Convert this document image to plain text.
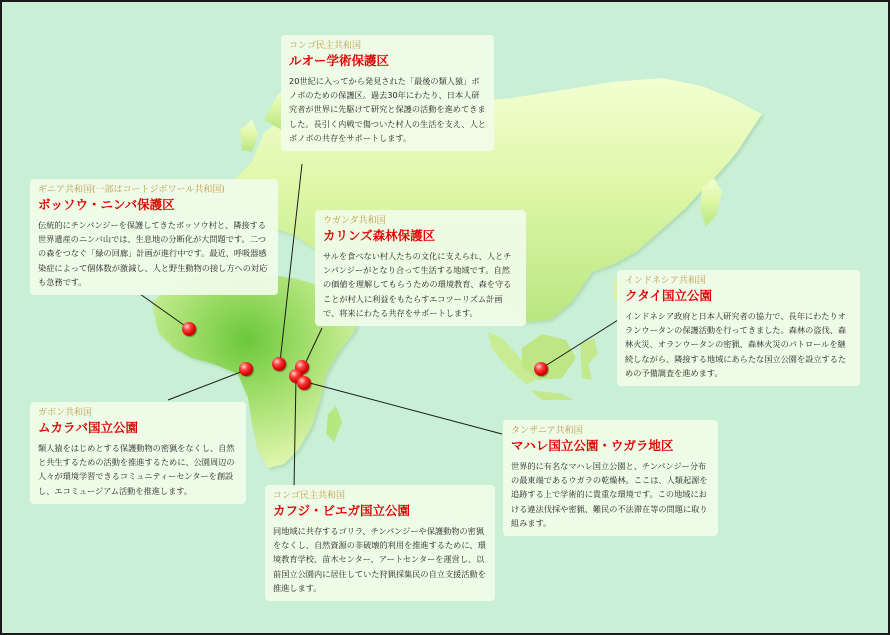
コンゴ民主共和国
ルオー学術保護区

20世紀に入ってから発見された「最後の類人猿」ボノボのための保護区。過去30年にわたり、日本人研究者が世界に先駆けて研究と保護の活動を進めてきました。長引く内戦で傷ついた村人の生活を支え、人とボノボの共存をサポートします。

ギニア共和国(一部はコートジボワール共和国)
ボッソウ・ニンバ保護区

伝統的にチンパンジーを保護してきたボッソウ村と、隣接する世界遺産のニンバ山では、生息地の分断化が大問題です。二つの森をつなぐ「緑の回廊」計画が進行中です。最近、呼吸器感染症によって個体数が激減し、人と野生動物の接し方への対応も急務です。

ウガンダ共和国
カリンズ森林保護区

サルを食べない村人たちの文化に支えられ、人とチンパンジーがとなり合って生活する地域です。自然の価値を理解してもらうための環境教育、森を守ることが村人に利益をもたらすエコツーリズム計画で、将来にわたる共存をサポートします。

インドネシア共和国
クタイ国立公園

インドネシア政府と日本人研究者の協力で、長年にわたりオランウータンの保護活動を行ってきました。森林の盗伐、森林火災、オランウータンの密猟、森林火災のパトロールを継続しながら、隣接する地域にあらたな国立公園を設立するための予備調査を進めます。

ガボン共和国
ムカラバ国立公園

類人猿をはじめとする保護動物の密猟をなくし、自然と共生するための活動を推進するために、公園周辺の人々が環境学習できるコミュニティーセンターを創設し、エコミュージアム活動を推進します。

コンゴ民主共和国
カフジ・ビエガ国立公園

同地域に共存するゴリラ、チンパンジーや保護動物の密猟をなくし、自然資源の非破壊的利用を推進するために、環境教育学校、苗木センター、アートセンターを運営し、以前国立公園内に居住していた狩猟採集民の自立支援活動を推進します。

タンザニア共和国
マハレ国立公園・ウガラ地区

世界的に有名なマハレ国立公園と、チンパンジー分布の最東端であるウガラの乾燥林。ここは、人類起源を追跡する上で学術的に貴重な環境です。この地域における違法伐採や密猟、難民の不法滞在等の問題に取り組みます。
